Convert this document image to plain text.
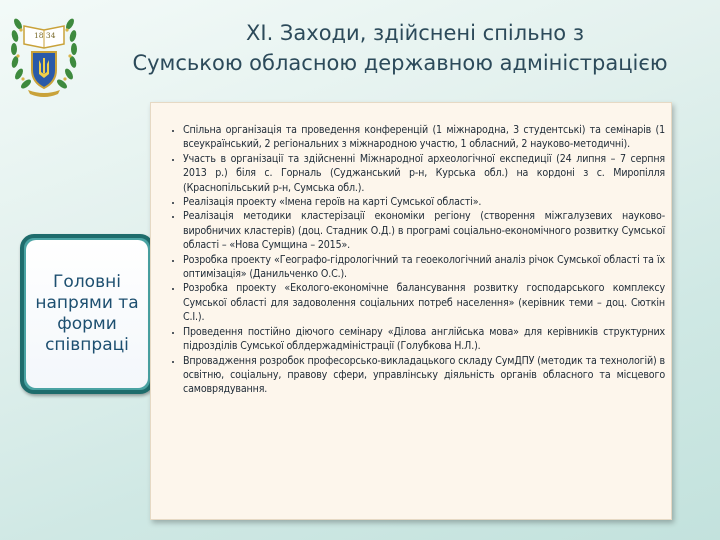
18 34	XI. Заходи, здійснені спільно з
Сумською обласною державною адміністрацією
Головні напрями та форми співпраці
• Спільна організація та проведення конференцій (1 міжнародна, 3 студентські) та семінарів (1 всеукраїнський, 2 регіональних з міжнародною участю, 1 обласний, 2 науково-методичні).
• Участь в організації та здійсненні Міжнародної археологічної експедиції (24 липня – 7 серпня 2013 р.) біля с. Горналь (Суджанський р-н, Курська обл.) на кордоні з с. Миропілля (Краснопільський р-н, Сумська обл.).
• Реалізація проекту «Імена героїв на карті Сумської області».
• Реалізація методики кластерізації економіки регіону (створення міжгалузевих науково-виробничих кластерів) (доц. Стадник О.Д.) в програмі соціально-економічного розвитку Сумської області – «Нова Сумщина – 2015».
• Розробка проекту «Географо-гідрологічний та геоекологічний аналіз річок Сумської області та їх оптимізація» (Данильченко О.С.).
• Розробка проекту «Еколого-економічне балансування розвитку господарського комплексу Сумської області для задоволення соціальних потреб населення» (керівник теми – доц. Сюткін С.І.).
• Проведення постійно діючого семінару «Ділова англійська мова» для керівників структурних підрозділів Сумської облдержадміністрації (Голубкова Н.Л.).
• Впровадження розробок професорсько-викладацького складу СумДПУ (методик та технологій) в освітню, соціальну, правову сфери, управлінську діяльність органів обласного та місцевого самоврядування.
